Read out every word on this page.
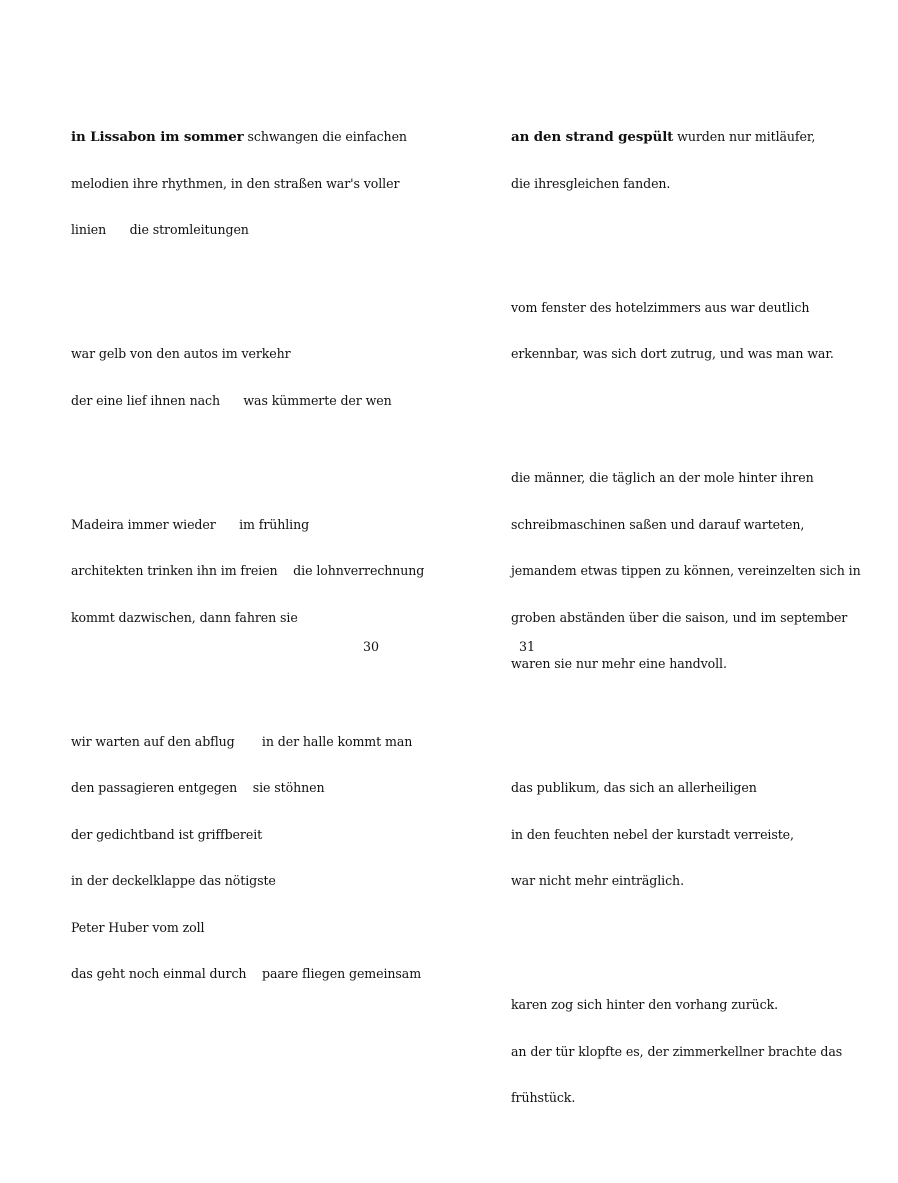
in Lissabon im sommer schwangen die einfachen

melodien ihre rhythmen, in den straßen war's voller

linien      die stromleitungen

war gelb von den autos im verkehr

der eine lief ihnen nach      was kümmerte der wen

Madeira immer wieder      im frühling

architekten trinken ihn im freien    die lohnverrechnung

kommt dazwischen, dann fahren sie

wir warten auf den abflug       in der halle kommt man

den passagieren entgegen    sie stöhnen

der gedichtband ist griffbereit

in der deckelklappe das nötigste

Peter Huber vom zoll

das geht noch einmal durch    paare fliegen gemeinsam

30

an den strand gespült wurden nur mitläufer,

die ihresgleichen fanden.

vom fenster des hotelzimmers aus war deutlich

erkennbar, was sich dort zutrug, und was man war.

die männer, die täglich an der mole hinter ihren

schreibmaschinen saßen und darauf warteten,

jemandem etwas tippen zu können, vereinzelten sich in

groben abständen über die saison, und im september

waren sie nur mehr eine handvoll.

das publikum, das sich an allerheiligen

in den feuchten nebel der kurstadt verreiste,

war nicht mehr einträglich.

karen zog sich hinter den vorhang zurück.

an der tür klopfte es, der zimmerkellner brachte das

frühstück.

31
